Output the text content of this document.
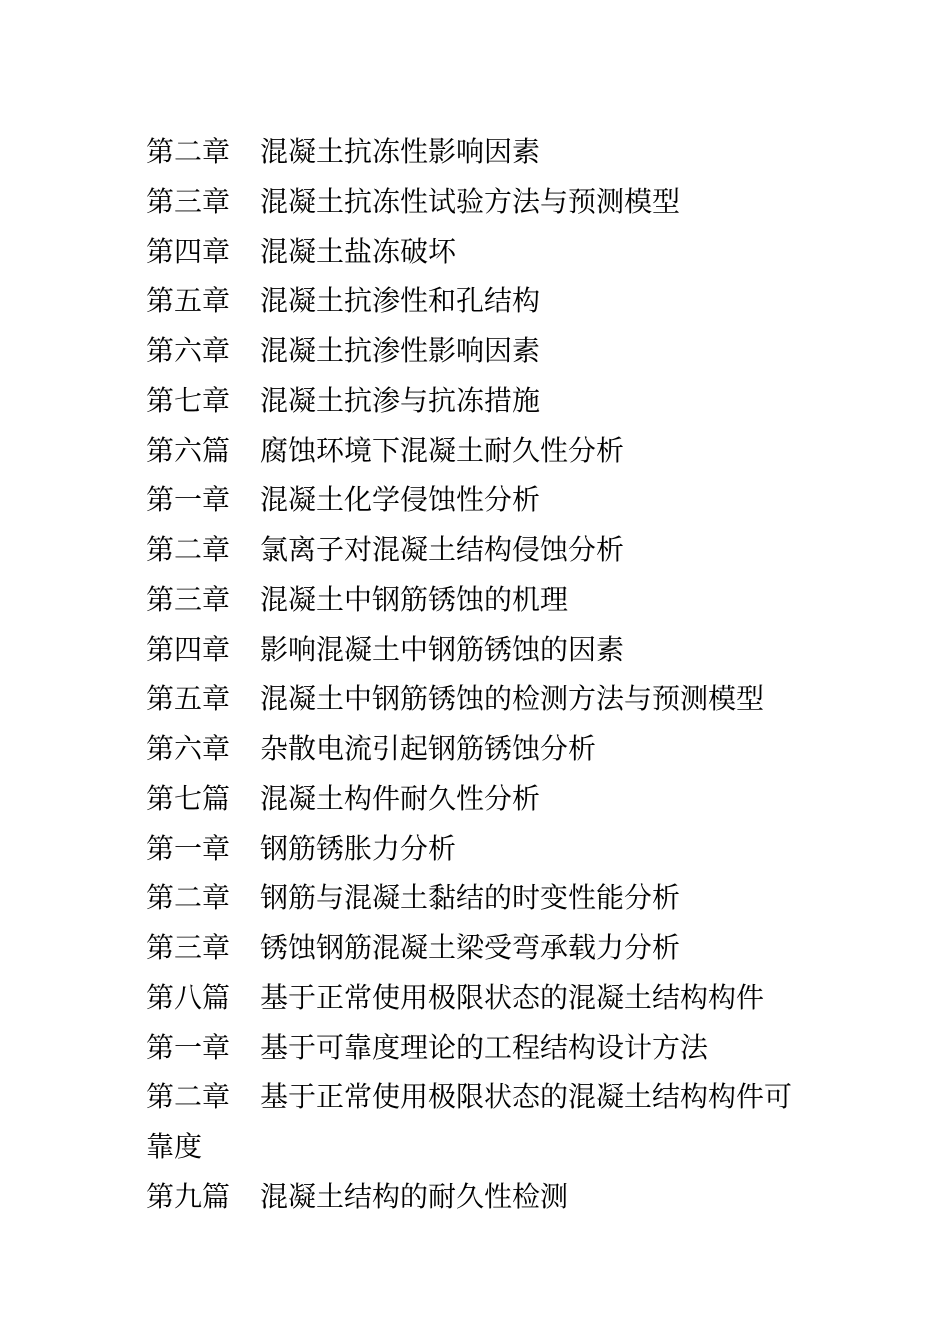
第二章	混凝土抗冻性影响因素
第三章	混凝土抗冻性试验方法与预测模型
第四章	混凝土盐冻破坏
第五章	混凝土抗渗性和孔结构
第六章	混凝土抗渗性影响因素
第七章	混凝土抗渗与抗冻措施
第六篇	腐蚀环境下混凝土耐久性分析
第一章	混凝土化学侵蚀性分析
第二章	氯离子对混凝土结构侵蚀分析
第三章	混凝土中钢筋锈蚀的机理
第四章	影响混凝土中钢筋锈蚀的因素
第五章	混凝土中钢筋锈蚀的检测方法与预测模型
第六章	杂散电流引起钢筋锈蚀分析
第七篇	混凝土构件耐久性分析
第一章	钢筋锈胀力分析
第二章	钢筋与混凝土黏结的时变性能分析
第三章	锈蚀钢筋混凝土梁受弯承载力分析
第八篇	基于正常使用极限状态的混凝土结构构件
第一章	基于可靠度理论的工程结构设计方法
第二章 基于正常使用极限状态的混凝土结构构件可
靠度
第九篇	混凝土结构的耐久性检测
